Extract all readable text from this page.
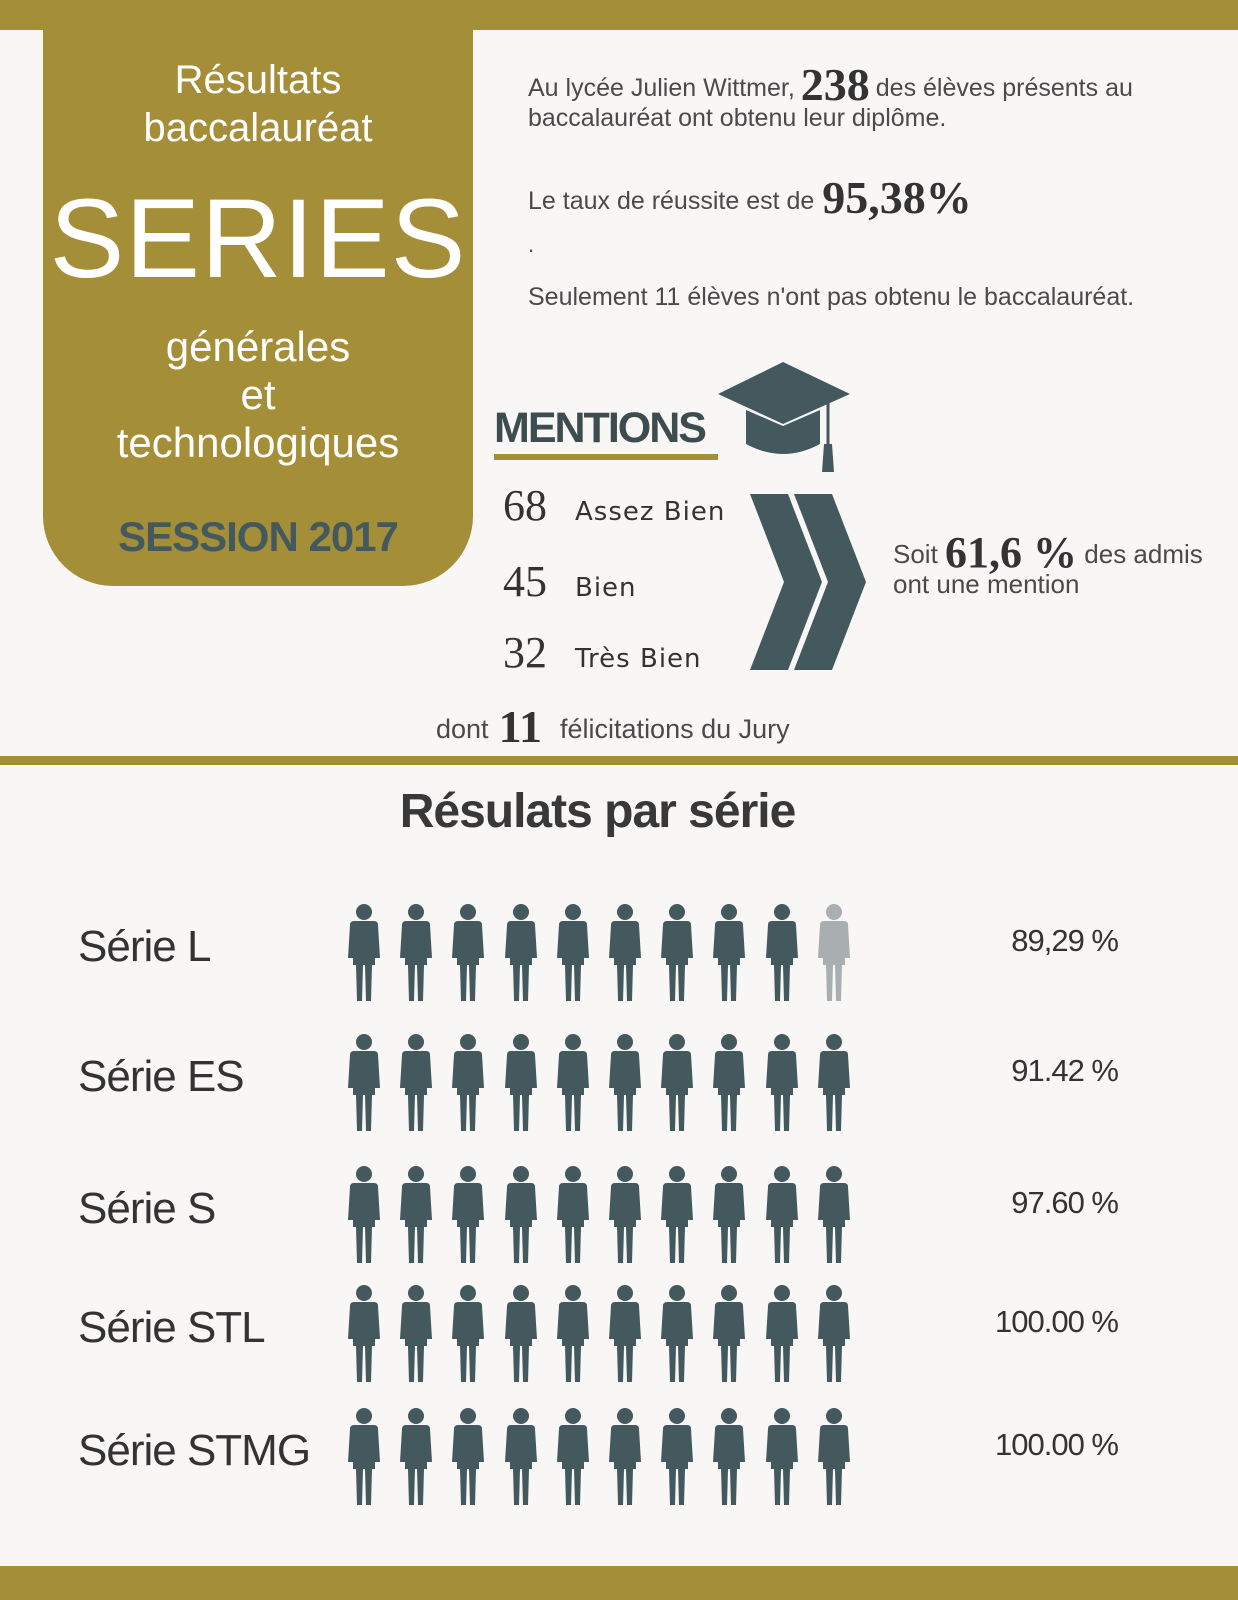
Résultats
baccalauréat
SERIES
générales
et
technologiques
SESSION 2017
Au lycée Julien Wittmer, 238 des élèves présents au baccalauréat ont obtenu leur diplôme.
Le taux de réussite est de 95,38%
.
Seulement 11 élèves n'ont pas obtenu le baccalauréat.
MENTIONS
68 Assez Bien
45 Bien
32 Très Bien
Soit 61,6 % des admis
ont une mention
dont 11 félicitations du Jury
Résulats par série
Série L	89,29 %
Série ES	91.42 %
Série S	97.60 %
Série STL	100.00 %
Série STMG	100.00 %
